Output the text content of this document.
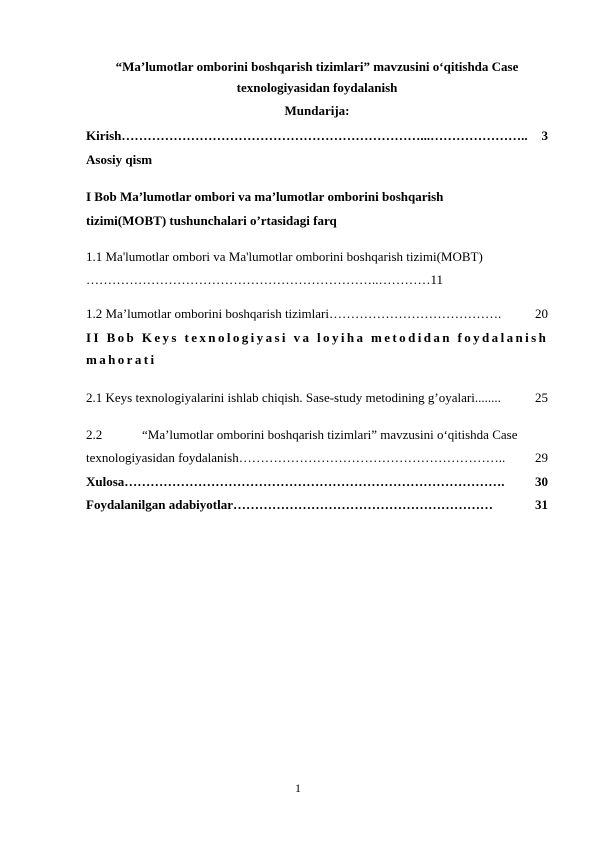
“Ma’lumotlar omborini boshqarish tizimlari” mavzusini o‘qitishda Case
texnologiyasidan foydalanish
Mundarija:
Kirish ……………………………………………………………...…………………..	3
Asosiy qism
I Bob Ma’lumotlar ombori va ma’lumotlar omborini boshqarish
tizimi(MOBT) tushunchalari o’rtasidagi farq
1.1 Ma'lumotlar ombori va Ma'lumotlar omborini boshqarish tizimi(MOBT)
…………………………………………………………..…………11
1.2 Ma’lumotlar omborini boshqarish tizimlari ………………………………….	20
II Bob Keys texnologiyasi va loyiha metodidan foydalanish
mahorati
2.1 Keys texnologiyalarini ishlab chiqish. Sase-study metodining g’oyalari ........	25
2.2	“Ma’lumotlar omborini boshqarish tizimlari” mavzusini o‘qitishda Case
texnologiyasidan foydalanish ……………………………………………………..	29
Xulosa …………………………………………………………………………….	30
Foydalanilgan adabiyotlar ……………………………………………………	31
1
